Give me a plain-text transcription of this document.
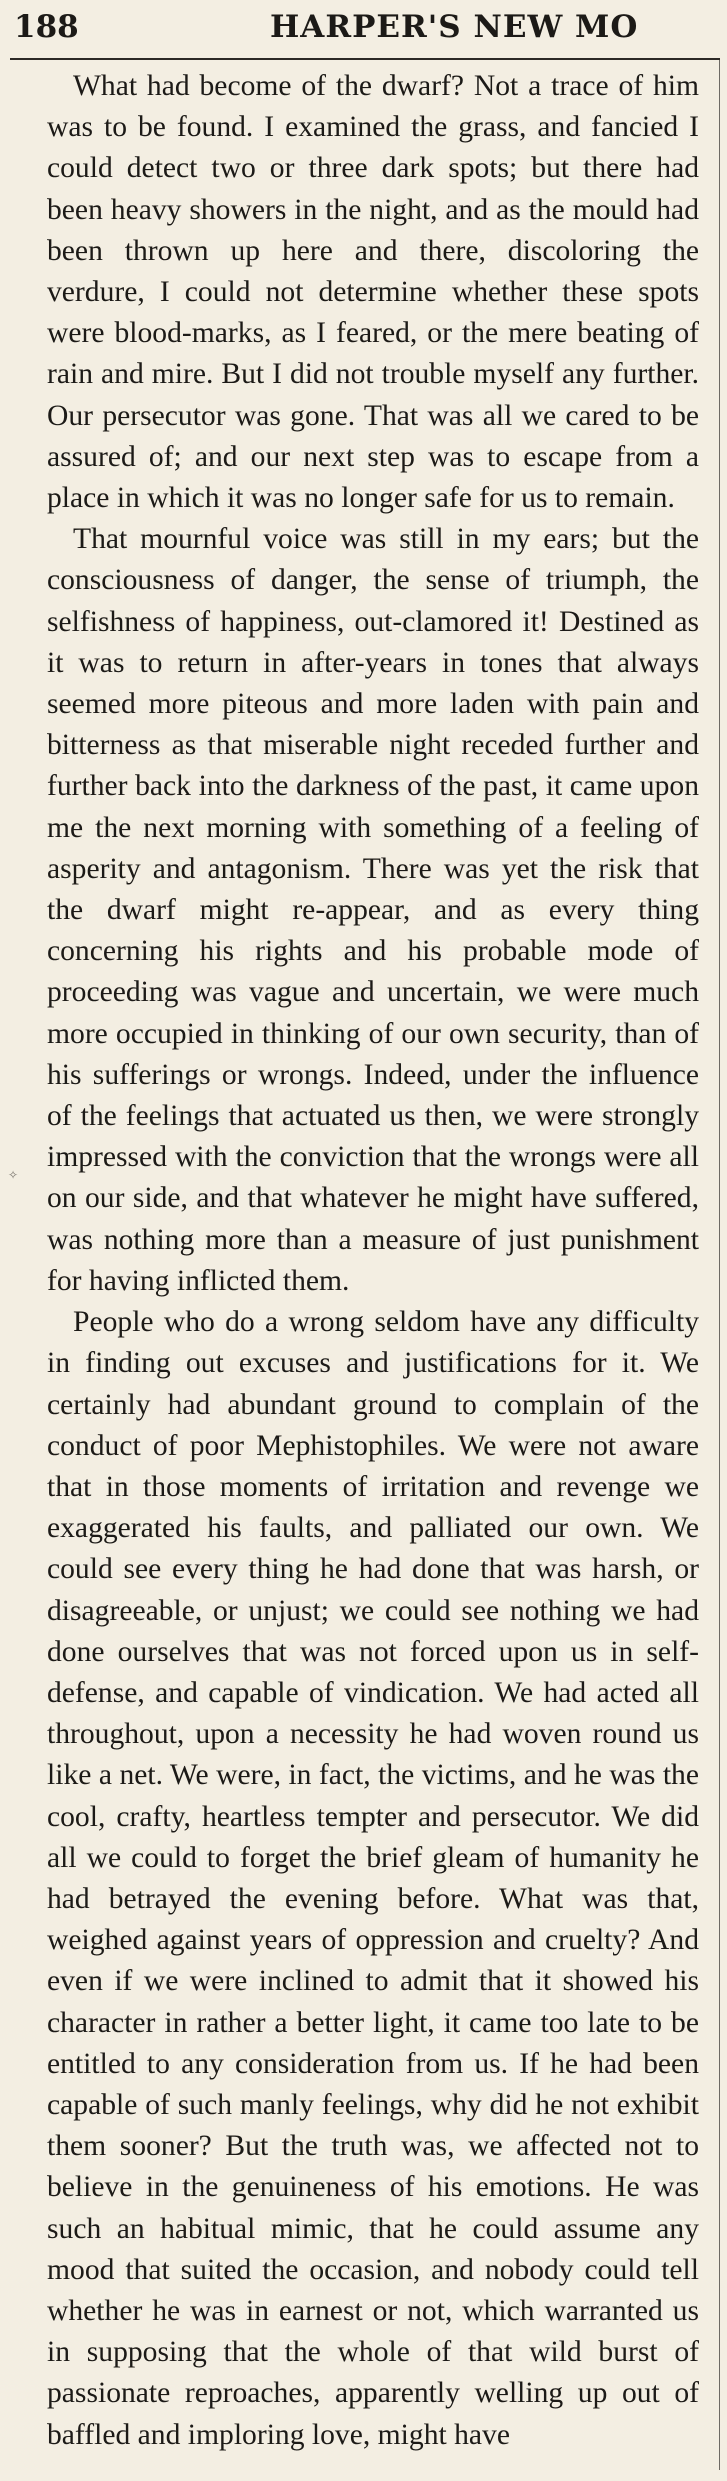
188	HARPER'S NEW MO
✧

What had become of the dwarf? Not a trace of him was to be found. I examined the grass, and fancied I could detect two or three dark spots; but there had been heavy showers in the night, and as the mould had been thrown up here and there, discoloring the verdure, I could not determine whether these spots were blood-marks, as I feared, or the mere beating of rain and mire. But I did not trouble myself any further. Our persecutor was gone. That was all we cared to be assured of; and our next step was to escape from a place in which it was no longer safe for us to remain.

That mournful voice was still in my ears; but the consciousness of danger, the sense of triumph, the selfishness of happiness, out-clamored it! Destined as it was to return in after-years in tones that always seemed more piteous and more laden with pain and bitterness as that miserable night receded further and further back into the darkness of the past, it came upon me the next morning with something of a feeling of asperity and antagonism. There was yet the risk that the dwarf might re-appear, and as every thing concerning his rights and his probable mode of proceeding was vague and uncertain, we were much more occupied in thinking of our own security, than of his sufferings or wrongs. Indeed, under the influence of the feelings that actuated us then, we were strongly impressed with the conviction that the wrongs were all on our side, and that whatever he might have suffered, was nothing more than a measure of just punishment for having inflicted them.

People who do a wrong seldom have any difficulty in finding out excuses and justifications for it. We certainly had abundant ground to complain of the conduct of poor Mephistophiles. We were not aware that in those moments of irritation and revenge we exaggerated his faults, and palliated our own. We could see every thing he had done that was harsh, or disagreeable, or unjust; we could see nothing we had done ourselves that was not forced upon us in self-defense, and capable of vindication. We had acted all throughout, upon a necessity he had woven round us like a net. We were, in fact, the victims, and he was the cool, crafty, heartless tempter and persecutor. We did all we could to forget the brief gleam of humanity he had betrayed the evening before. What was that, weighed against years of oppression and cruelty? And even if we were inclined to admit that it showed his character in rather a better light, it came too late to be entitled to any consideration from us. If he had been capable of such manly feelings, why did he not exhibit them sooner? But the truth was, we affected not to believe in the genuineness of his emotions. He was such an habitual mimic, that he could assume any mood that suited the occasion, and nobody could tell whether he was in earnest or not, which warranted us in supposing that the whole of that wild burst of passionate reproaches, apparently welling up out of baffled and imploring love, might have
